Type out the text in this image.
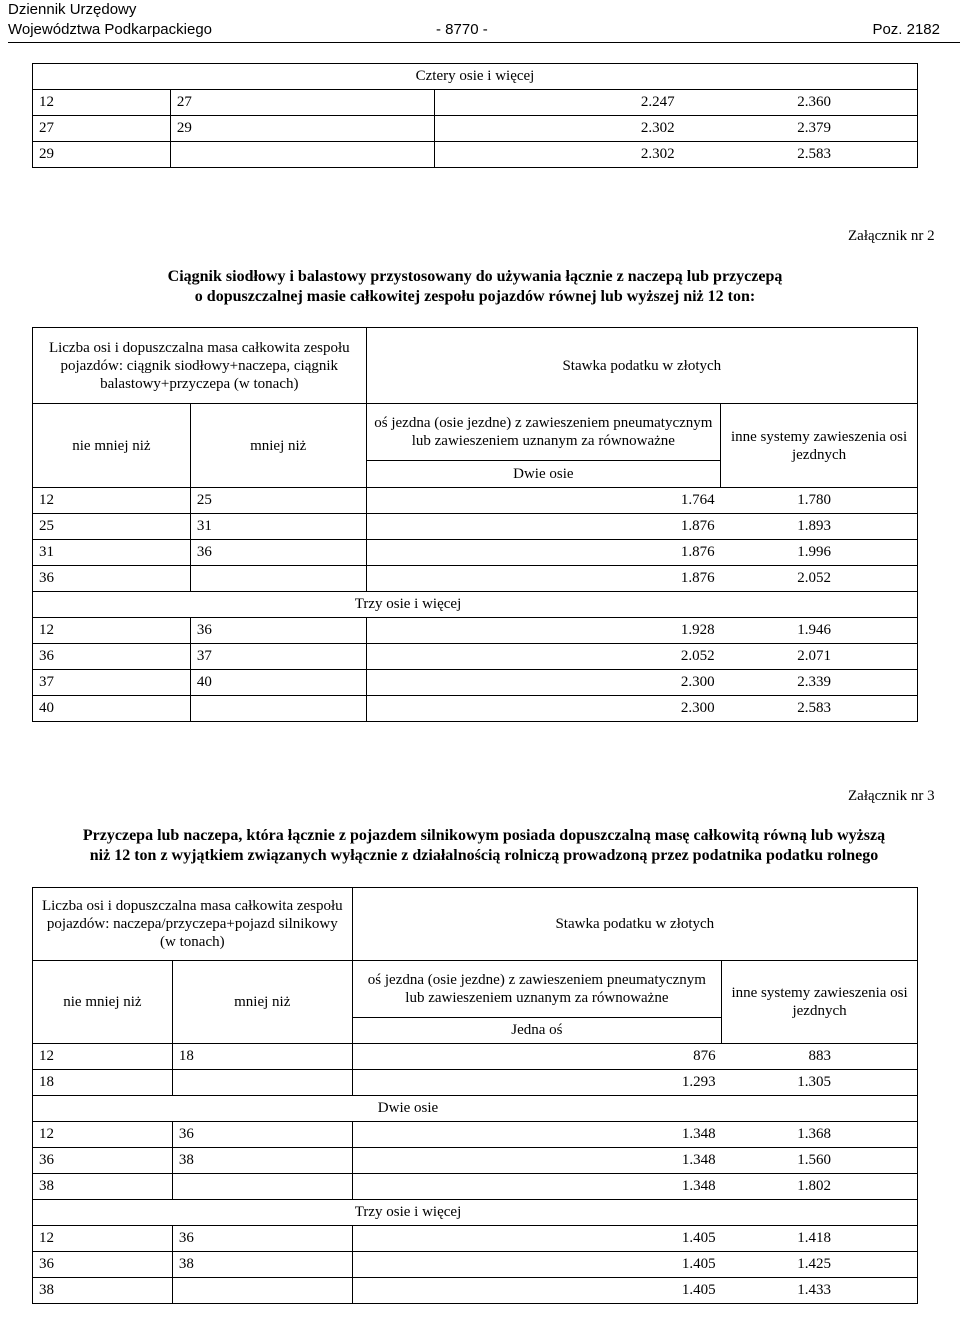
Dziennik Urzędowy
Województwa Podkarpackiego	- 8770 -	Poz. 2182
Cztery osie i więcej			
12	27	2.247	2.360
27	29	2.302	2.379
29		2.302	2.583
Załącznik nr 2
Ciągnik siodłowy i balastowy przystosowany do używania łącznie z naczepą lub przyczepą
o dopuszczalnej masie całkowitej zespołu pojazdów równej lub wyższej niż 12 ton:
Liczba osi i dopuszczalna masa całkowita zespołu pojazdów: ciągnik siodłowy+naczepa, ciągnik balastowy+przyczepa (w tonach)		Stawka podatku w złotych	
nie mniej niż	mniej niż	oś jezdna (osie jezdne) z zawieszeniem pneumatycznym lub zawieszeniem uznanym za równoważne	inne systemy zawieszenia osi jezdnych
		Dwie osie	
12	25	1.764	1.780
25	31	1.876	1.893
31	36	1.876	1.996
36		1.876	2.052
Trzy osie i więcej			
12	36	1.928	1.946
36	37	2.052	2.071
37	40	2.300	2.339
40		2.300	2.583
Załącznik nr 3
Przyczepa lub naczepa, która łącznie z pojazdem silnikowym posiada dopuszczalną masę całkowitą równą lub wyższą
niż 12 ton z wyjątkiem związanych wyłącznie z działalnością rolniczą prowadzoną przez podatnika podatku rolnego
Liczba osi i dopuszczalna masa całkowita zespołu pojazdów: naczepa/przyczepa+pojazd silnikowy (w tonach)		Stawka podatku w złotych	
nie mniej niż	mniej niż	oś jezdna (osie jezdne) z zawieszeniem pneumatycznym lub zawieszeniem uznanym za równoważne	inne systemy zawieszenia osi jezdnych
		Jedna oś	
12	18	876	883
18		1.293	1.305
Dwie osie			
12	36	1.348	1.368
36	38	1.348	1.560
38		1.348	1.802
Trzy osie i więcej			
12	36	1.405	1.418
36	38	1.405	1.425
38		1.405	1.433
